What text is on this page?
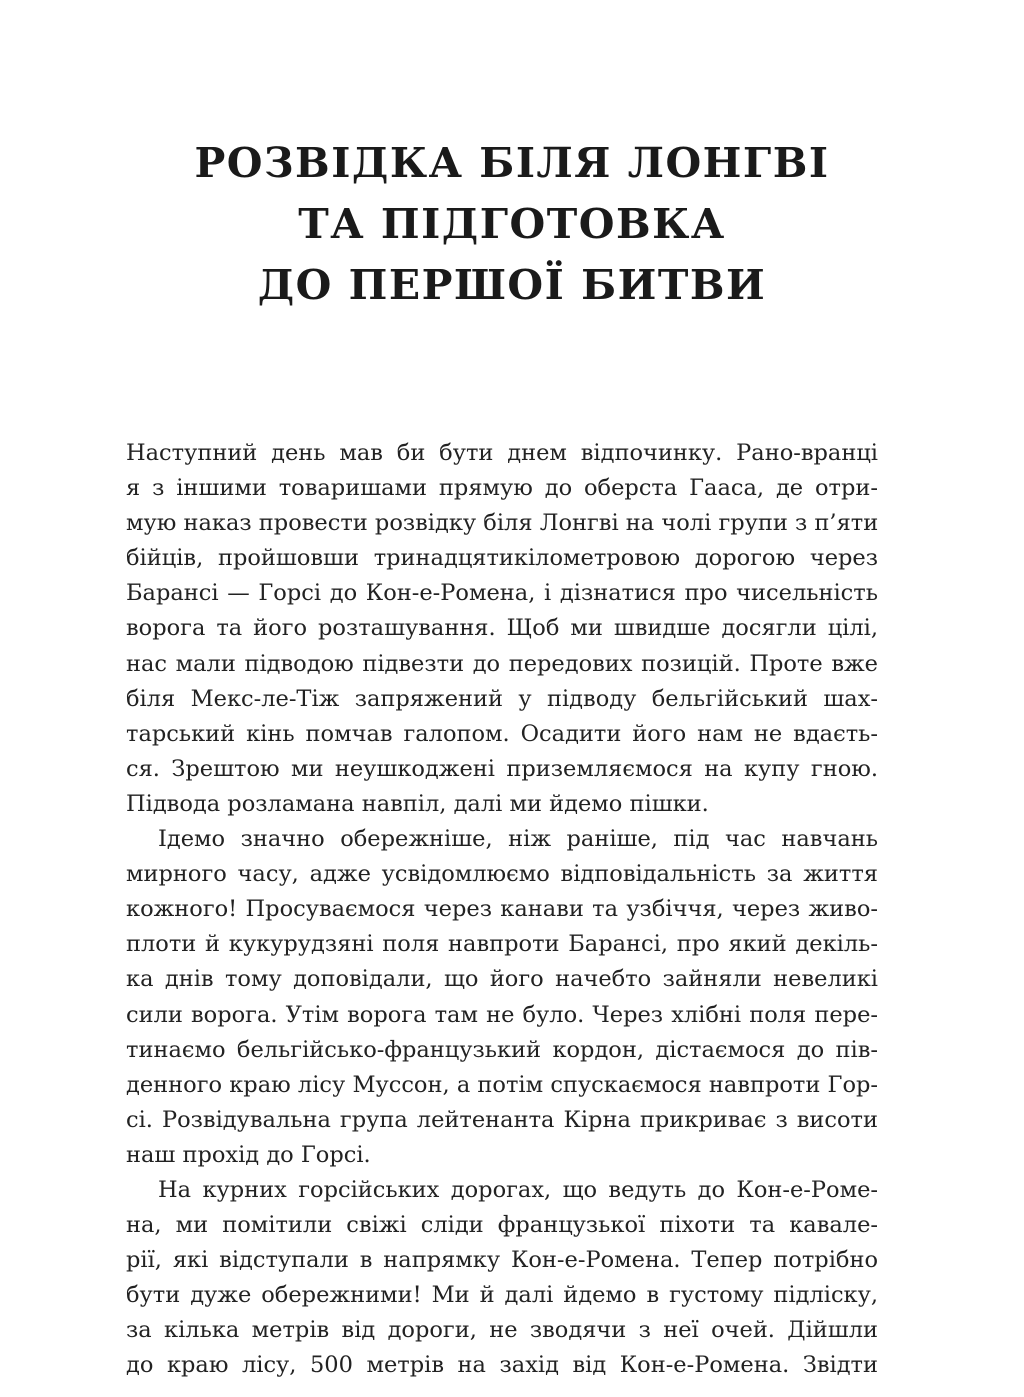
РОЗВІДКА БІЛЯ ЛОНГВІ
ТА ПІДГОТОВКА
ДО ПЕРШОЇ БИТВИ

Наступний день мав би бути днем відпочинку. Рано-вранці
я з іншими товаришами прямую до оберста Гааса, де отри-
мую наказ провести розвідку біля Лонгві на чолі групи з п’яти
бійців, пройшовши тринадцятикілометровою дорогою через
Барансі — Горсі до Кон-е-Ромена, і дізнатися про чисельність
ворога та його розташування. Щоб ми швидше досягли цілі,
нас мали підводою підвезти до передових позицій. Проте вже
біля Мекс-ле-Тіж запряжений у підводу бельгійський шах-
тарський кінь помчав галопом. Осадити його нам не вдаєть-
ся. Зрештою ми неушкоджені приземляємося на купу гною.
Підвода розламана навпіл, далі ми йдемо пішки.

Ідемо значно обережніше, ніж раніше, під час навчань
мирного часу, адже усвідомлюємо відповідальність за життя
кожного! Просуваємося через канави та узбіччя, через живо-
плоти й кукурудзяні поля навпроти Барансі, про який декіль-
ка днів тому доповідали, що його начебто зайняли невеликі
сили ворога. Утім ворога там не було. Через хлібні поля пере-
тинаємо бельгійсько-французький кордон, дістаємося до пів-
денного краю лісу Муссон, а потім спускаємося навпроти Гор-
сі. Розвідувальна група лейтенанта Кірна прикриває з висоти
наш прохід до Горсі.

На курних горсійських дорогах, що ведуть до Кон-е-Роме-
на, ми помітили свіжі сліди французької піхоти та кавале-
рії, які відступали в напрямку Кон-е-Ромена. Тепер потрібно
бути дуже обережними! Ми й далі йдемо в густому підліску,
за кілька метрів від дороги, не зводячи з неї очей. Дійшли
до краю лісу, 500 метрів на захід від Кон-е-Ромена. Звідти
